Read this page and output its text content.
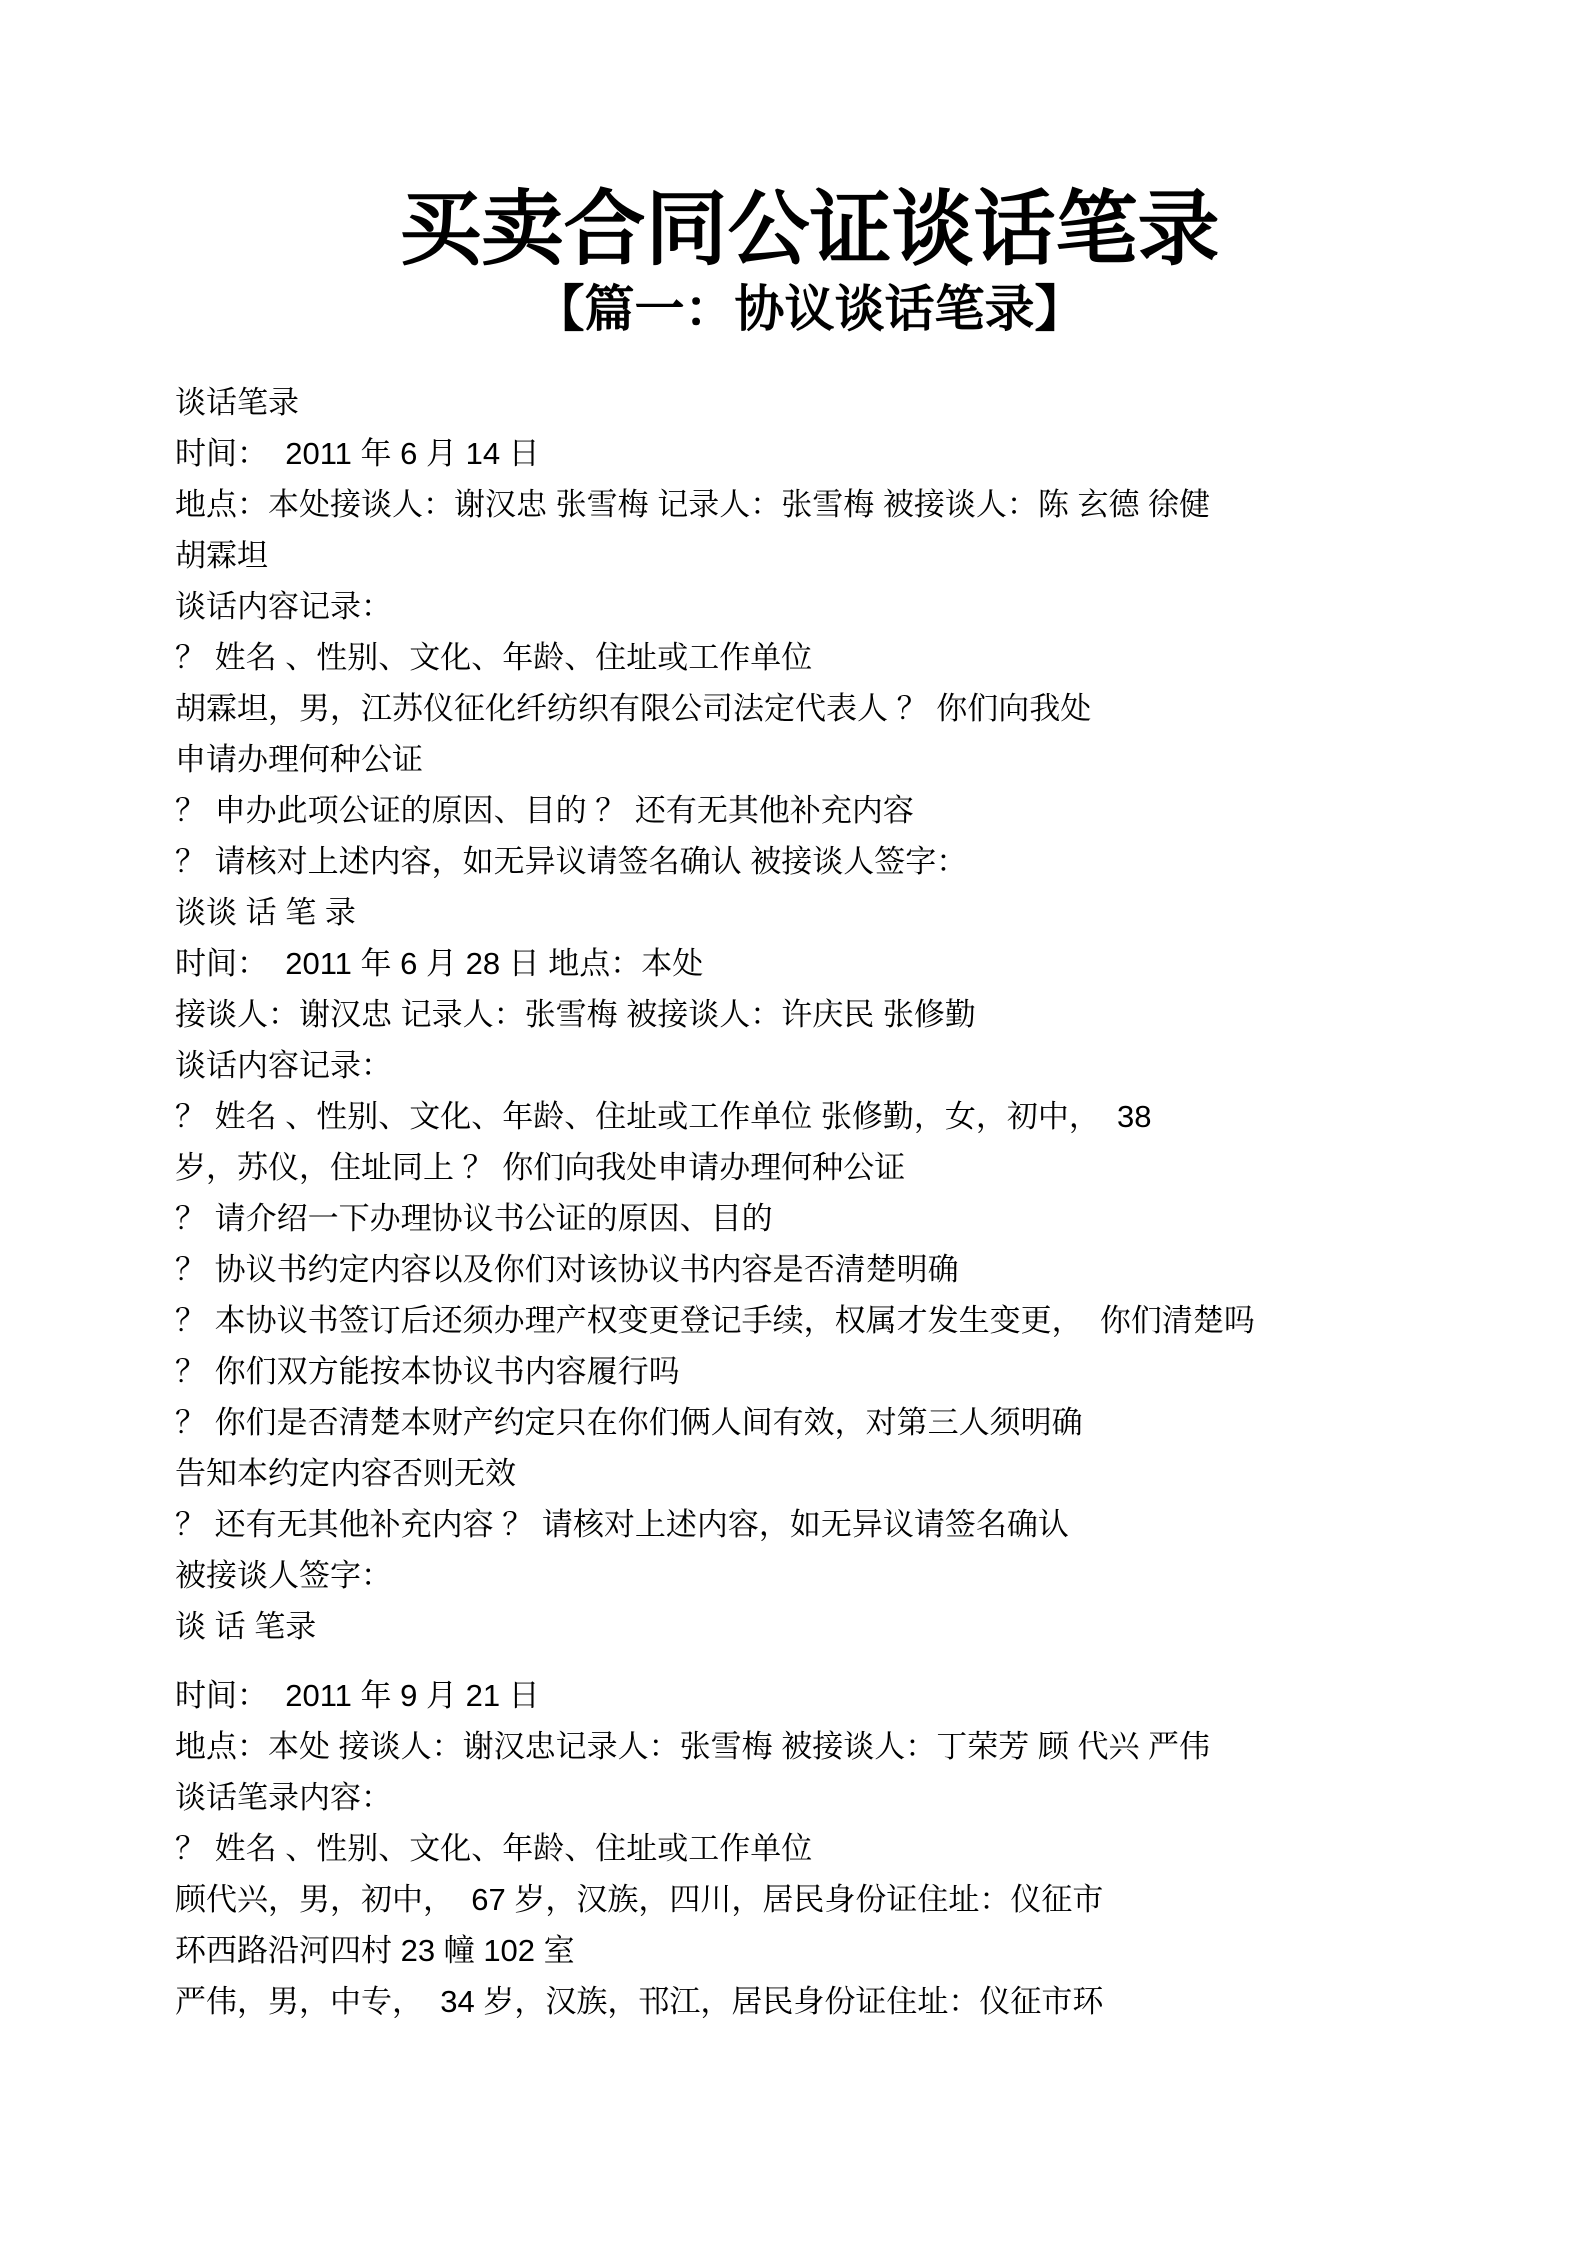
买卖合同公证谈话笔录
【篇一：协议谈话笔录】

谈话笔录

时间：  2011 年 6 月 14 日

地点：本处接谈人：谢汉忠 张雪梅 记录人：张雪梅 被接谈人：陈 玄德 徐健

胡霖坦

谈话内容记录：

？ 姓名 、性别、文化、年龄、住址或工作单位

胡霖坦，男，江苏仪征化纤纺织有限公司法定代表人 ？ 你们向我处

申请办理何种公证

？ 申办此项公证的原因、目的 ？ 还有无其他补充内容

？ 请核对上述内容，如无异议请签名确认 被接谈人签字：

谈谈 话 笔 录

时间：  2011 年 6 月 28 日 地点：本处

接谈人：谢汉忠 记录人：张雪梅 被接谈人：许庆民 张修勤

谈话内容记录：

？ 姓名 、性别、文化、年龄、住址或工作单位 张修勤，女，初中，  38

岁，苏仪，住址同上 ？ 你们向我处申请办理何种公证

？ 请介绍一下办理协议书公证的原因、目的

？ 协议书约定内容以及你们对该协议书内容是否清楚明确

？ 本协议书签订后还须办理产权变更登记手续，权属才发生变更，  你们清楚吗

？ 你们双方能按本协议书内容履行吗

？ 你们是否清楚本财产约定只在你们俩人间有效，对第三人须明确

告知本约定内容否则无效

？ 还有无其他补充内容 ？ 请核对上述内容，如无异议请签名确认

被接谈人签字：

谈 话 笔录

时间：  2011 年 9 月 21 日

地点：本处 接谈人：谢汉忠记录人：张雪梅 被接谈人：丁荣芳 顾 代兴 严伟

谈话笔录内容：

？ 姓名 、性别、文化、年龄、住址或工作单位

顾代兴，男，初中，  67 岁，汉族，四川，居民身份证住址：仪征市

环西路沿河四村 23 幢 102 室

严伟，男，中专，  34 岁，汉族，邗江，居民身份证住址：仪征市环
